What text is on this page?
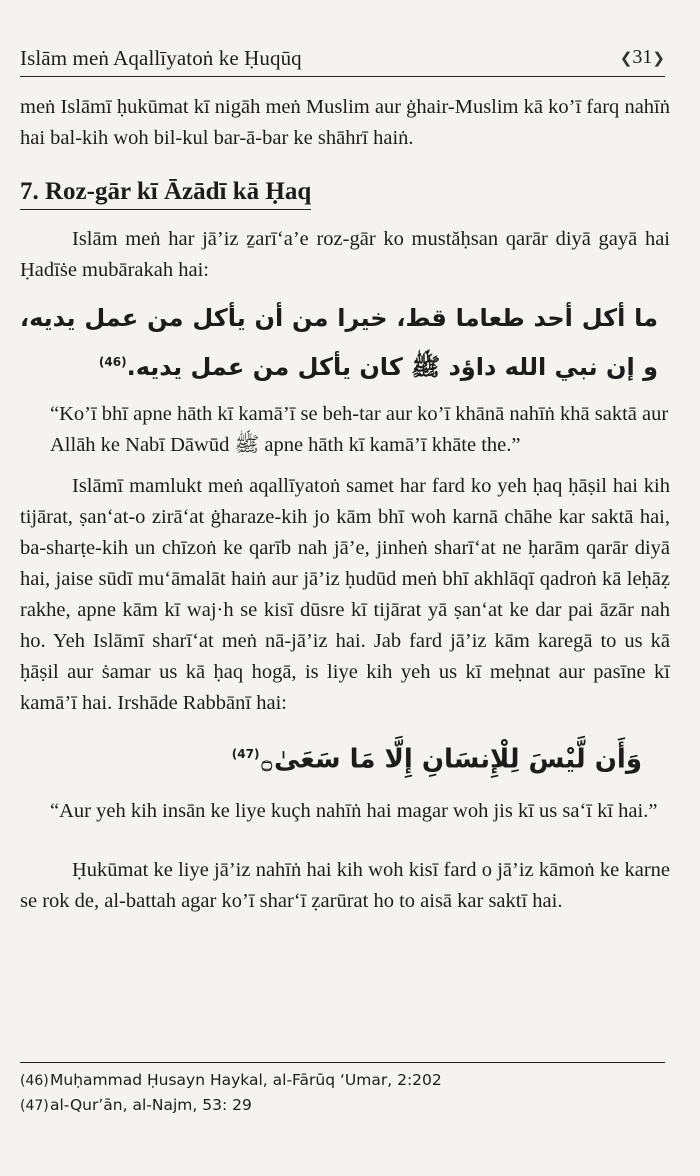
Islām meṅ Aqallīyatoṅ ke Ḥuqūq	❮31❯

meṅ Islāmī ḥukūmat kī nigāh meṅ Muslim aur ġhair-Muslim kā ko’ī farq nahīṅ hai bal-kih woh bil-kul bar-ā-bar ke shāhrī haiṅ.

7. Roz-gār kī Āzādī kā Ḥaq

Islām meṅ har jā’iz ẕarī‘a’e roz-gār ko mustăḥsan qarār diyā gayā hai Ḥadīṡe mubārakah hai:

ما أكل أحد طعاما قط، خيرا من أن يأكل من عمل يديه، و إن نبي الله داؤد ﷺ كان يأكل من عمل يديه.$^{(46)}$

“Ko’ī bhī apne hāth kī kamā’ī se beh-tar aur ko’ī khānā nahīṅ khā saktā aur Allāh ke Nabī Dāwūd ﷺ apne hāth kī kamā’ī khāte the.”

Islāmī mamlukt meṅ aqallīyatoṅ samet har fard ko yeh ḥaq ḥāṣil hai kih tijārat, ṣan‘at-o zirā‘at ġharaze-kih jo kām bhī woh karnā chāhe kar saktā hai, ba-sharṭe-kih un chīzoṅ ke qarīb nah jā’e, jinheṅ sharī‘at ne ḥarām qarār diyā hai, jaise sūdī mu‘āmalāt haiṅ aur jā’iz ḥudūd meṅ bhī akhlāqī qadroṅ kā leḥāẓ rakhe, apne kām kī waj·h se kisī dūsre kī tijārat yā ṣan‘at ke dar pai āzār nah ho. Yeh Islāmī sharī‘at meṅ nā-jā’iz hai. Jab fard jā’iz kām karegā to us kā ḥāṣil aur ṡamar us kā ḥaq hogā, is liye kih yeh us kī meḥnat aur pasīne kī kamā’ī hai. Irshāde Rabbānī hai:

وَأَن لَّيْسَ لِلْإِنسَانِ إِلَّا مَا سَعَىٰ۝$^{(47)}$

“Aur yeh kih insān ke liye kuçh nahīṅ hai magar woh jis kī us sa‘ī kī hai.”

Ḥukūmat ke liye jā’iz nahīṅ hai kih woh kisī fard o jā’iz kāmoṅ ke karne se rok de, al-battah agar ko’ī shar‘ī ẓarūrat ho to aisā kar saktī hai.

(46)Muḥammad Ḥusayn Haykal, al-Fārūq ‘Umar, 2:202
(47)al-Qur’ān, al-Najm, 53: 29
